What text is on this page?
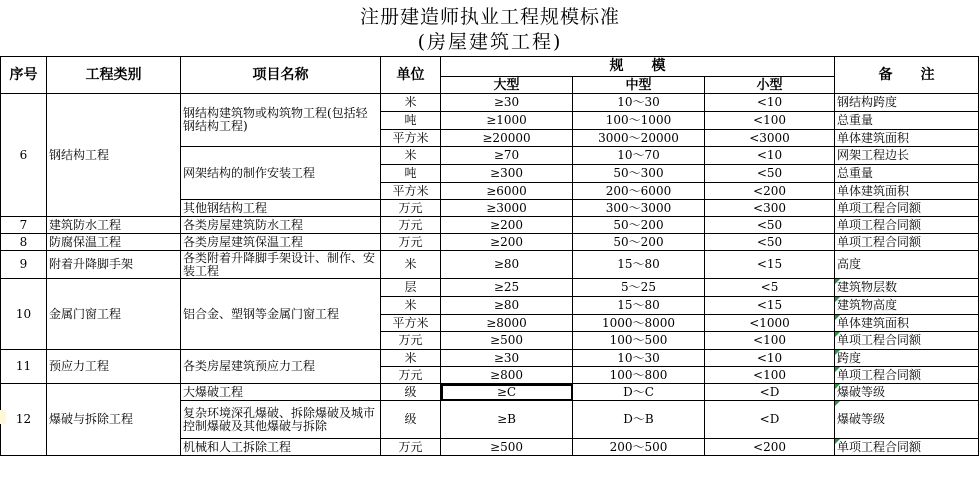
注册建造师执业工程规模标准
(房屋建筑工程)
序号	工程类别	项目名称	单位	规　　模			备　　注
				大型	中型	小型	
6	钢结构工程	钢结构建筑物或构筑物工程(包括轻钢结构工程)	米	≥30	10～30	<10	钢结构跨度
			吨	≥1000	100～1000	<100	总重量
			平方米	≥20000	3000～20000	<3000	单体建筑面积
		网架结构的制作安装工程	米	≥70	10～70	<10	网架工程边长
			吨	≥300	50～300	<50	总重量
			平方米	≥6000	200～6000	<200	单体建筑面积
		其他钢结构工程	万元	≥3000	300～3000	<300	单项工程合同额
7	建筑防水工程	各类房屋建筑防水工程	万元	≥200	50～200	<50	单项工程合同额
8	防腐保温工程	各类房屋建筑保温工程	万元	≥200	50～200	<50	单项工程合同额
9	附着升降脚手架	各类附着升降脚手架设计、制作、安装工程	米	≥80	15～80	<15	高度
10	金属门窗工程	铝合金、塑钢等金属门窗工程	层	≥25	5～25	<5	建筑物层数
			米	≥80	15～80	<15	建筑物高度
			平方米	≥8000	1000～8000	<1000	单体建筑面积
			万元	≥500	100～500	<100	单项工程合同额
11	预应力工程	各类房屋建筑预应力工程	米	≥30	10～30	<10	跨度
			万元	≥800	100～800	<100	单项工程合同额
12	爆破与拆除工程	大爆破工程	级	≥C	D～C	<D	爆破等级
		复杂环境深孔爆破、拆除爆破及城市控制爆破及其他爆破与拆除	级	≥B	D～B	<D	爆破等级
		机械和人工拆除工程	万元	≥500	200～500	<200	单项工程合同额
